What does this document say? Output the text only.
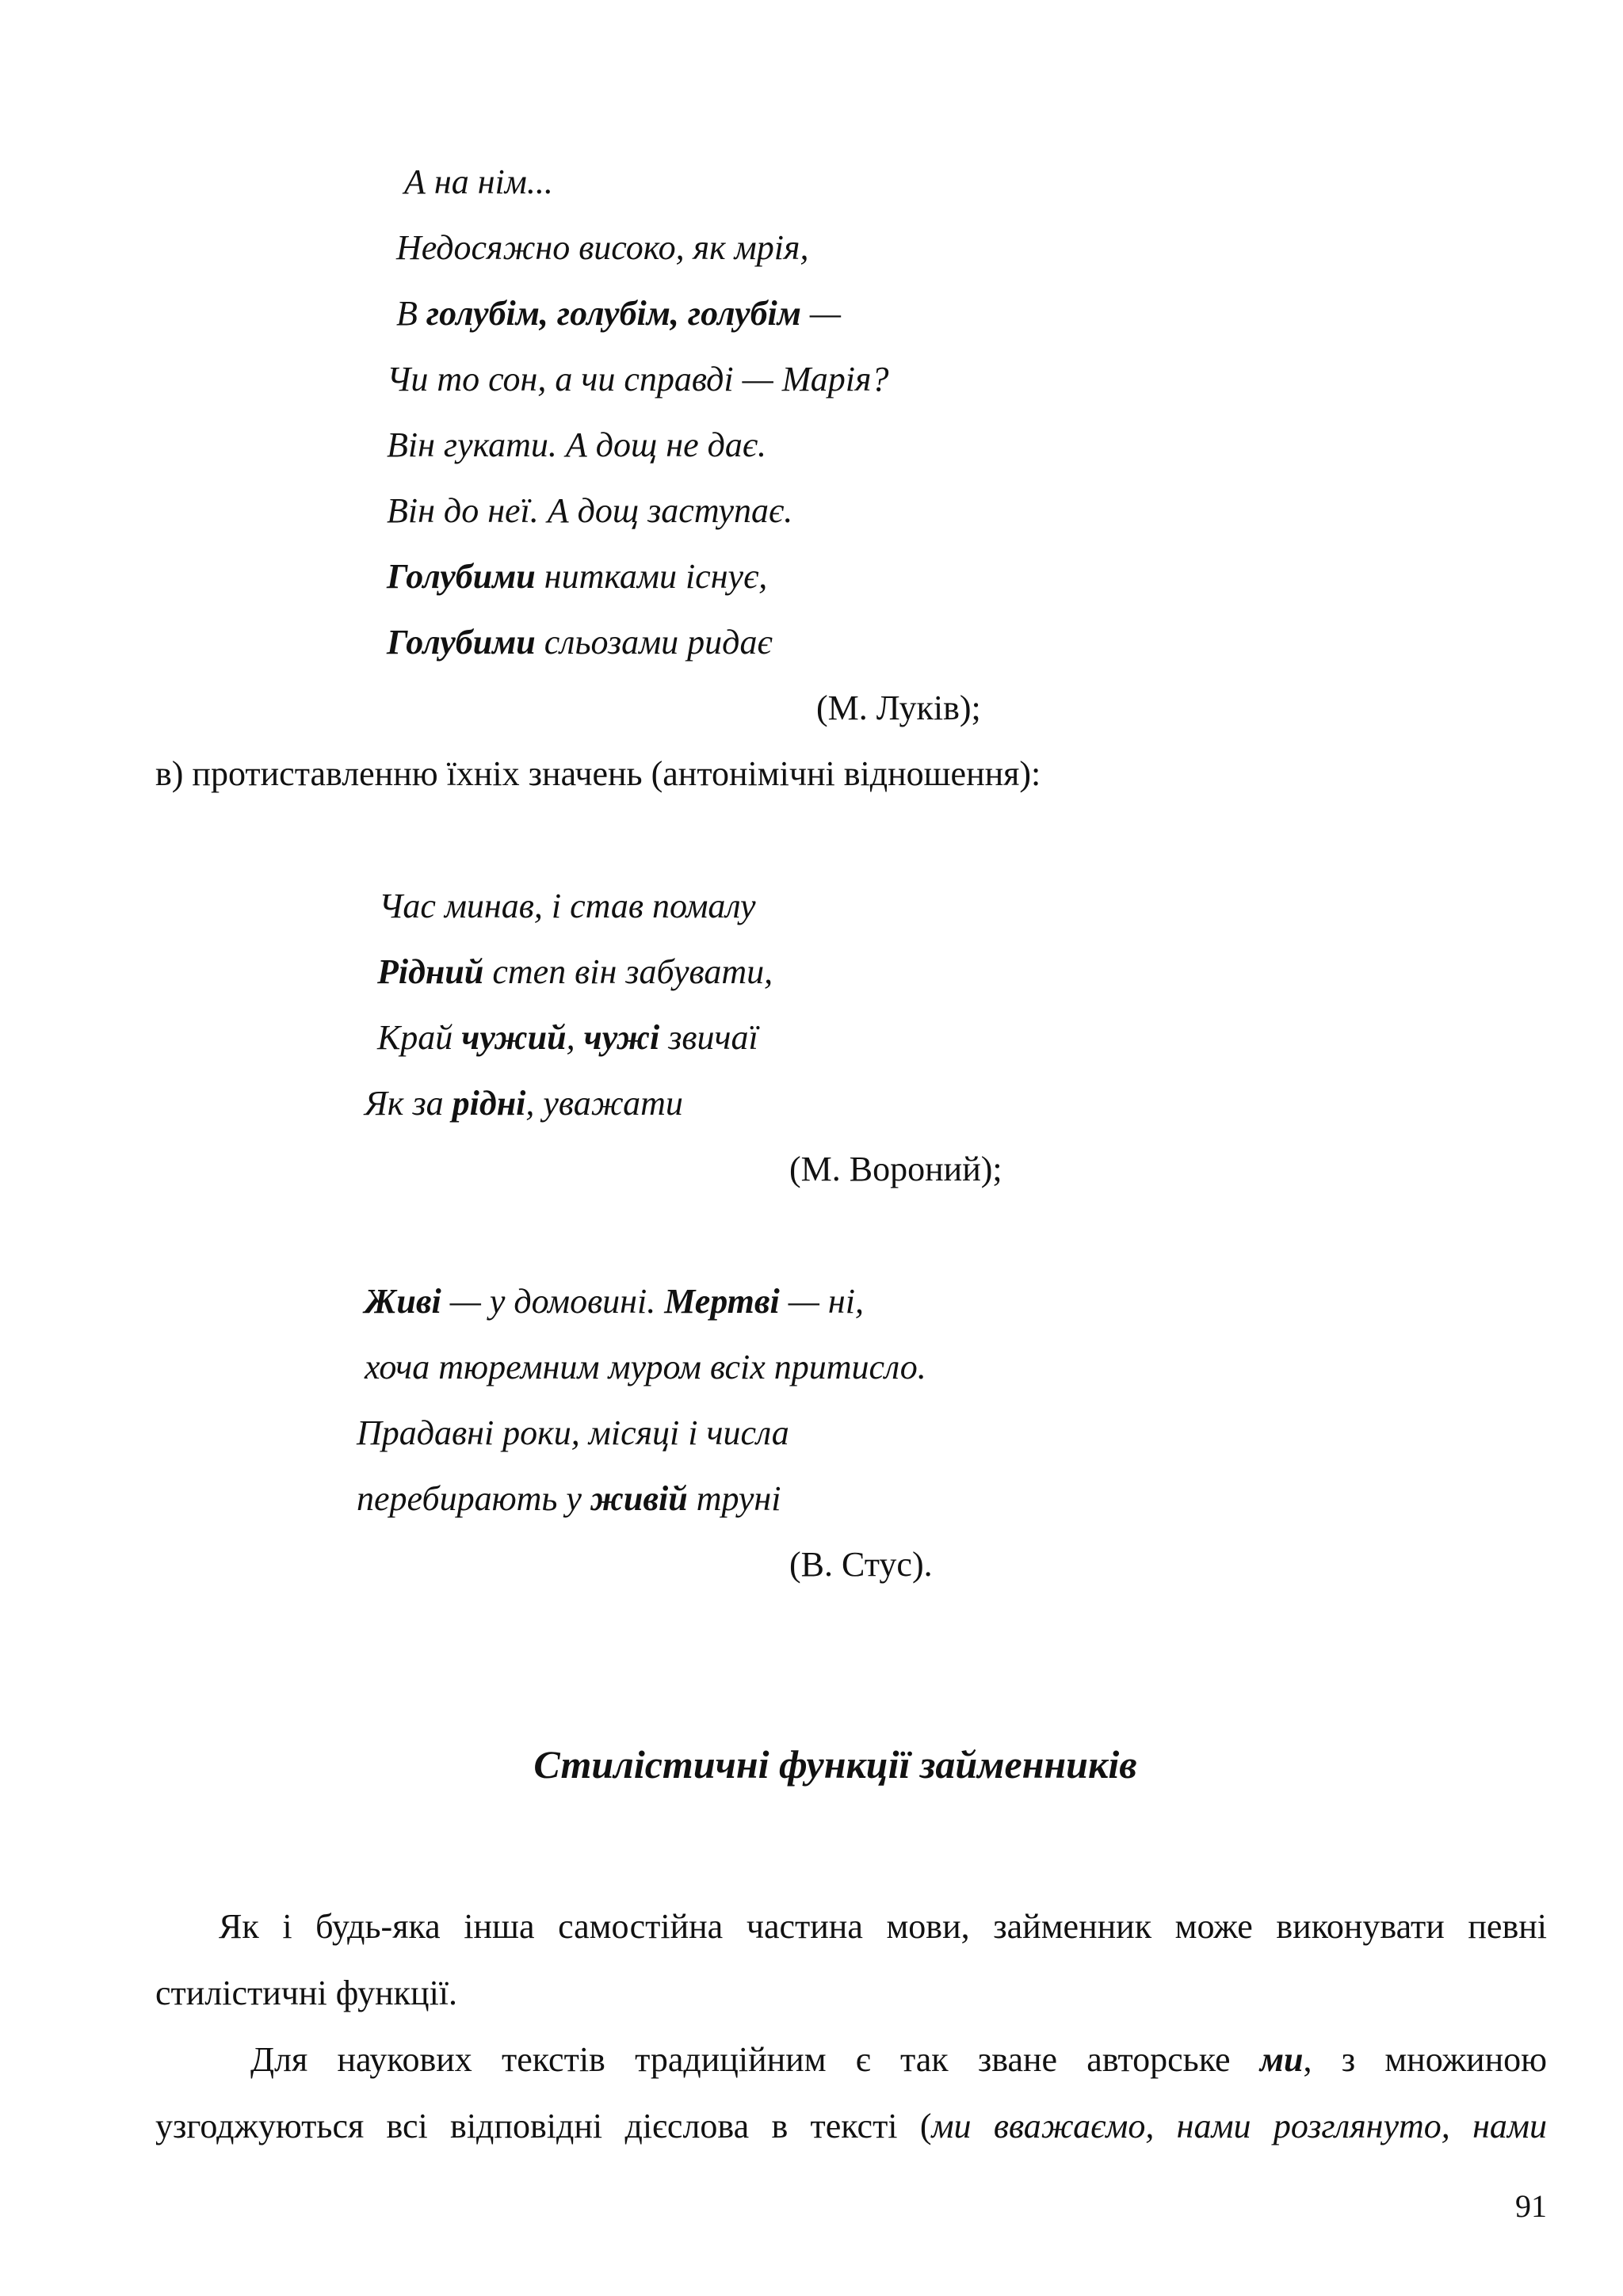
А на нім...
Недосяжно високо, як мрія,
В голубім, голубім, голубім —
Чи то сон, а чи справді — Марія?
Він гукати. А дощ не дає.
Він до неї. А дощ заступає.
Голубими нитками існує,
Голубими сльозами ридає
(М. Луків);
в) протиставленню їхніх значень (антонімічні відношення):
Час минав, і став помалу
Рідний степ він забувати,
Край чужий, чужі звичаї
Як за рідні, уважати
(М. Вороний);
Живі — у домовині. Мертві — ні,
хоча тюремним муром всіх притисло.
Прадавні роки, місяці і числа
перебирають у живій труні
(В. Стус).
Стилістичні функції займенників
Як і будь-яка інша самостійна частина мови, займенник може виконувати певні
стилістичні функції.
Для наукових текстів традиційним є так зване авторське ми, з множиною
узгоджуються всі відповідні дієслова в тексті (ми вважаємо, нами розглянуто, нами
91
